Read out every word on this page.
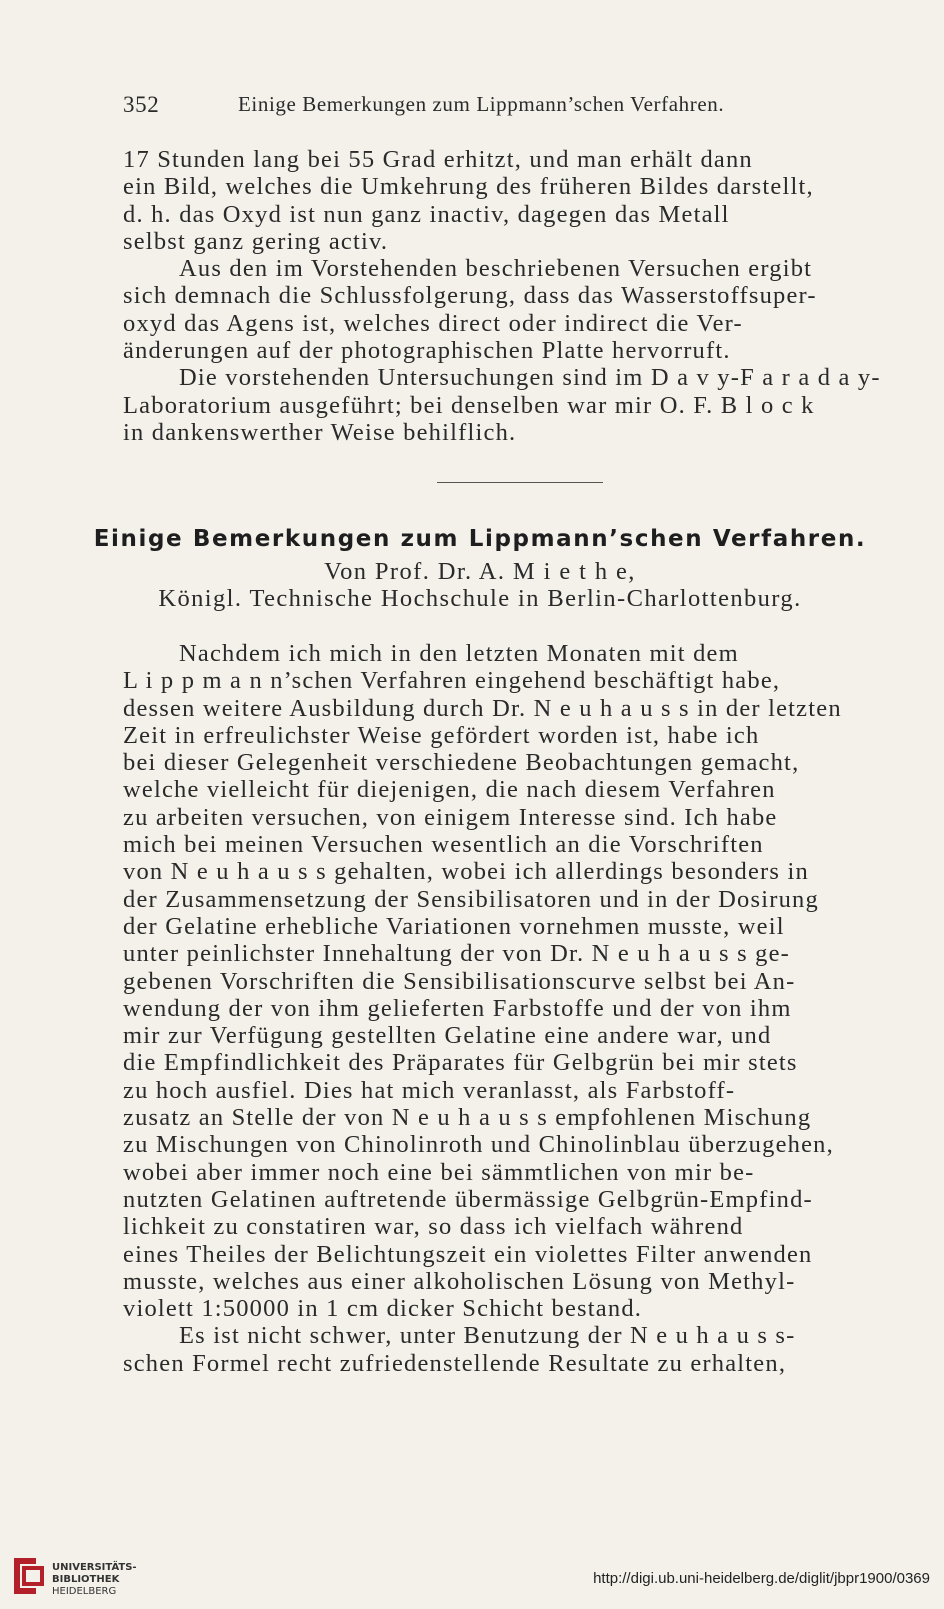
352	Einige Bemerkungen zum Lippmann’schen Verfahren.

17 Stunden lang bei 55 Grad erhitzt, und man erhält dann
ein Bild, welches die Umkehrung des früheren Bildes darstellt,
d. h. das Oxyd ist nun ganz inactiv, dagegen das Metall
selbst ganz gering activ.

Aus den im Vorstehenden beschriebenen Versuchen ergibt
sich demnach die Schlussfolgerung, dass das Wasserstoffsuper-
oxyd das Agens ist, welches direct oder indirect die Ver-
änderungen auf der photographischen Platte hervorruft.

Die vorstehenden Untersuchungen sind im D a v y-F a r a d a y-
Laboratorium ausgeführt; bei denselben war mir O. F. B l o c k
in dankenswerther Weise behilflich.

Einige Bemerkungen zum Lippmann’schen Verfahren.
Von Prof. Dr. A. M i e t h e,
Königl. Technische Hochschule in Berlin-Charlottenburg.

Nachdem ich mich in den letzten Monaten mit dem
L i p p m a n n’schen Verfahren eingehend beschäftigt habe,
dessen weitere Ausbildung durch Dr. N e u h a u s s in der letzten
Zeit in erfreulichster Weise gefördert worden ist, habe ich
bei dieser Gelegenheit verschiedene Beobachtungen gemacht,
welche vielleicht für diejenigen, die nach diesem Verfahren
zu arbeiten versuchen, von einigem Interesse sind. Ich habe
mich bei meinen Versuchen wesentlich an die Vorschriften
von N e u h a u s s gehalten, wobei ich allerdings besonders in
der Zusammensetzung der Sensibilisatoren und in der Dosirung
der Gelatine erhebliche Variationen vornehmen musste, weil
unter peinlichster Innehaltung der von Dr. N e u h a u s s ge-
gebenen Vorschriften die Sensibilisationscurve selbst bei An-
wendung der von ihm gelieferten Farbstoffe und der von ihm
mir zur Verfügung gestellten Gelatine eine andere war, und
die Empfindlichkeit des Präparates für Gelbgrün bei mir stets
zu hoch ausfiel. Dies hat mich veranlasst, als Farbstoff-
zusatz an Stelle der von N e u h a u s s empfohlenen Mischung
zu Mischungen von Chinolinroth und Chinolinblau überzugehen,
wobei aber immer noch eine bei sämmtlichen von mir be-
nutzten Gelatinen auftretende übermässige Gelbgrün-Empfind-
lichkeit zu constatiren war, so dass ich vielfach während
eines Theiles der Belichtungszeit ein violettes Filter anwenden
musste, welches aus einer alkoholischen Lösung von Methyl-
violett 1:50000 in 1 cm dicker Schicht bestand.

Es ist nicht schwer, unter Benutzung der N e u h a u s s-
schen Formel recht zufriedenstellende Resultate zu erhalten,

UNIVERSITÄTS-
BIBLIOTHEK
HEIDELBERG
http://digi.ub.uni-heidelberg.de/diglit/jbpr1900/0369
